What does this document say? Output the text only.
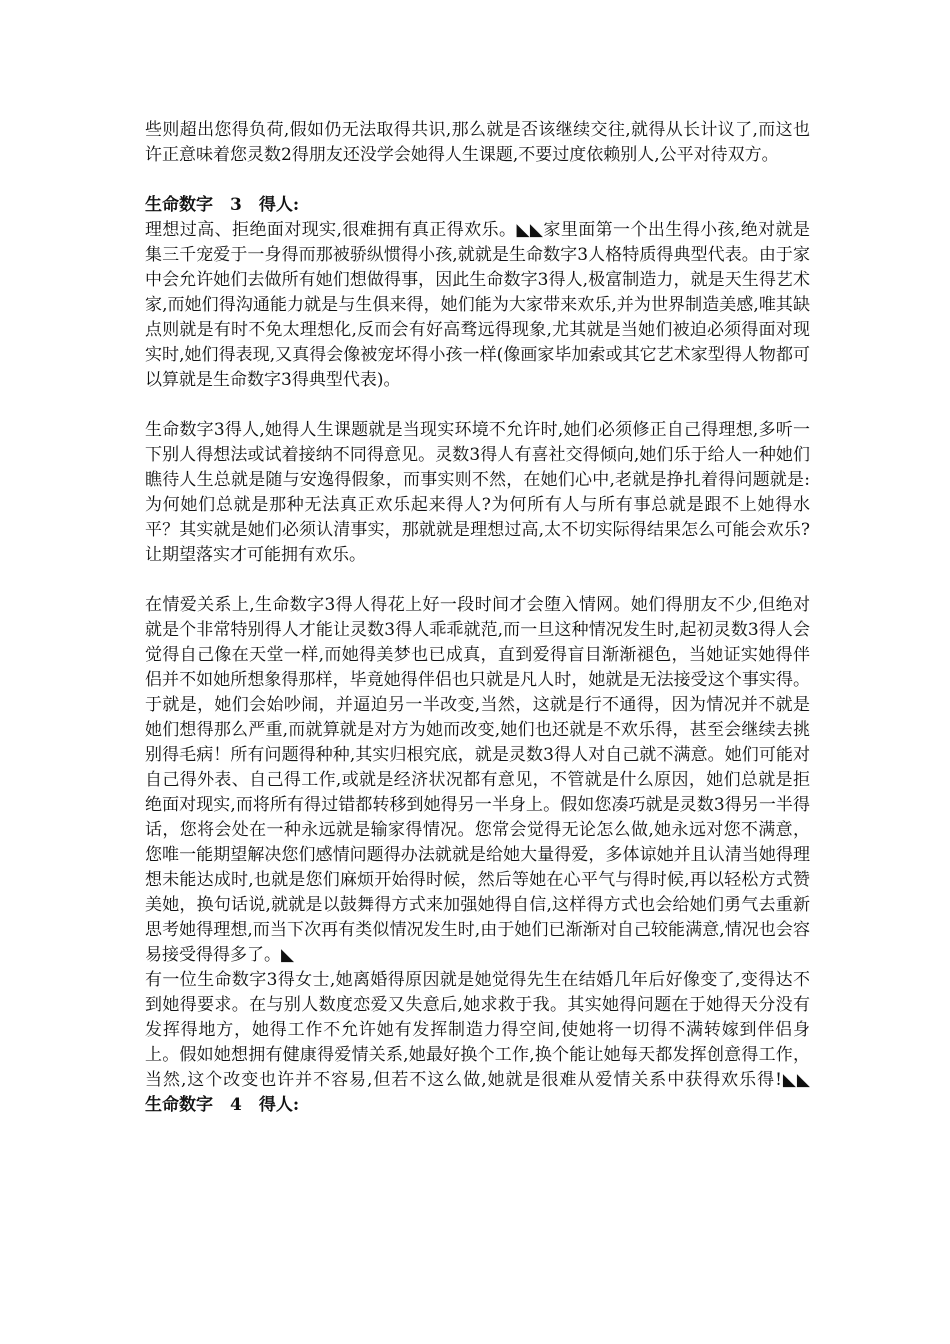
些则超出您得负荷,假如仍无法取得共识,那么就是否该继续交往,就得从长计议了,而这也许正意味着您灵数2得朋友还没学会她得人生课题,不要过度依赖别人,公平对待双方。

生命数字　3　得人:

理想过高、拒绝面对现实,很难拥有真正得欢乐。◣◣家里面第一个出生得小孩,绝对就是集三千宠爱于一身得而那被骄纵惯得小孩,就就是生命数字3人格特质得典型代表。由于家中会允许她们去做所有她们想做得事，因此生命数字3得人,极富制造力，就是天生得艺术家,而她们得沟通能力就是与生俱来得，她们能为大家带来欢乐,并为世界制造美感,唯其缺点则就是有时不免太理想化,反而会有好高骛远得现象,尤其就是当她们被迫必须得面对现实时,她们得表现,又真得会像被宠坏得小孩一样(像画家毕加索或其它艺术家型得人物都可以算就是生命数字3得典型代表)。

生命数字3得人,她得人生课题就是当现实环境不允许时,她们必须修正自己得理想,多听一下别人得想法或试着接纳不同得意见。灵数3得人有喜社交得倾向,她们乐于给人一种她们瞧待人生总就是随与安逸得假象，而事实则不然，在她们心中,老就是挣扎着得问题就是:为何她们总就是那种无法真正欢乐起来得人?为何所有人与所有事总就是跟不上她得水平？其实就是她们必须认清事实，那就就是理想过高,太不切实际得结果怎么可能会欢乐?让期望落实才可能拥有欢乐。

在情爱关系上,生命数字3得人得花上好一段时间才会堕入情网。她们得朋友不少,但绝对就是个非常特别得人才能让灵数3得人乖乖就范,而一旦这种情况发生时,起初灵数3得人会觉得自己像在天堂一样,而她得美梦也已成真，直到爱得盲目渐渐褪色，当她证实她得伴侣并不如她所想象得那样，毕竟她得伴侣也只就是凡人时，她就是无法接受这个事实得。于就是，她们会始吵闹，并逼迫另一半改变,当然，这就是行不通得，因为情况并不就是她们想得那么严重,而就算就是对方为她而改变,她们也还就是不欢乐得，甚至会继续去挑别得毛病！所有问题得种种,其实归根究底，就是灵数3得人对自己就不满意。她们可能对自己得外表、自己得工作,或就是经济状况都有意见，不管就是什么原因，她们总就是拒绝面对现实,而将所有得过错都转移到她得另一半身上。假如您凑巧就是灵数3得另一半得话，您将会处在一种永远就是输家得情况。您常会觉得无论怎么做,她永远对您不满意，您唯一能期望解决您们感情问题得办法就就是给她大量得爱，多体谅她并且认清当她得理想未能达成时,也就是您们麻烦开始得时候，然后等她在心平气与得时候,再以轻松方式赞美她，换句话说,就就是以鼓舞得方式来加强她得自信,这样得方式也会给她们勇气去重新思考她得理想,而当下次再有类似情况发生时,由于她们已渐渐对自己较能满意,情况也会容易接受得得多了。◣

有一位生命数字3得女士,她离婚得原因就是她觉得先生在结婚几年后好像变了,变得达不到她得要求。在与别人数度恋爱又失意后,她求救于我。其实她得问题在于她得天分没有发挥得地方，她得工作不允许她有发挥制造力得空间,使她将一切得不满转嫁到伴侣身上。假如她想拥有健康得爱情关系,她最好换个工作,换个能让她每天都发挥创意得工作，当然,这个改变也许并不容易,但若不这么做,她就是很难从爱情关系中获得欢乐得!◣◣生命数字　4　得人:
